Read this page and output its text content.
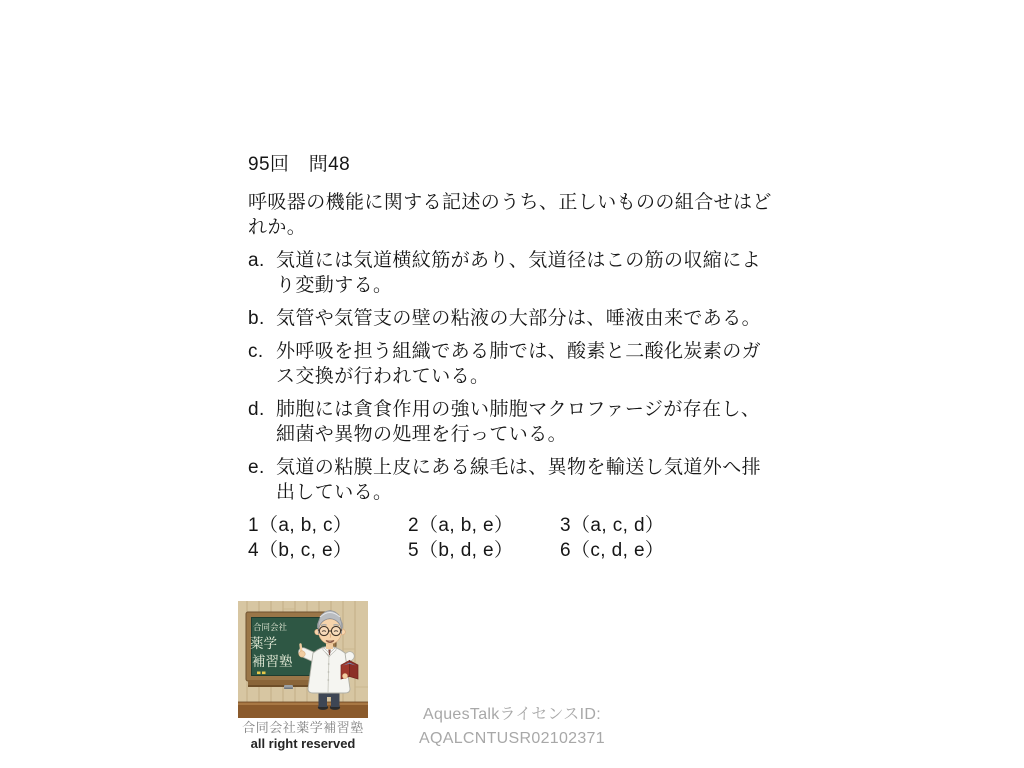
95回　問48

呼吸器の機能に関する記述のうち、正しいものの組合せはど
れか。

a. 気道には気道横紋筋があり、気道径はこの筋の収縮によ
り変動する。
b. 気管や気管支の壁の粘液の大部分は、唾液由来である。
c. 外呼吸を担う組織である肺では、酸素と二酸化炭素のガ
ス交換が行われている。
d. 肺胞には貪食作用の強い肺胞マクロファージが存在し、
細菌や異物の処理を行っている。
e. 気道の粘膜上皮にある線毛は、異物を輸送し気道外へ排
出している。
1（a, b, c）	2（a, b, e）	3（a, c, d）
4（b, c, e）	5（b, d, e）	6（c, d, e）
合同会社
薬学
補習塾
合同会社薬学補習塾
all right reserved
AquesTalkライセンスID:
AQALCNTUSR02102371
